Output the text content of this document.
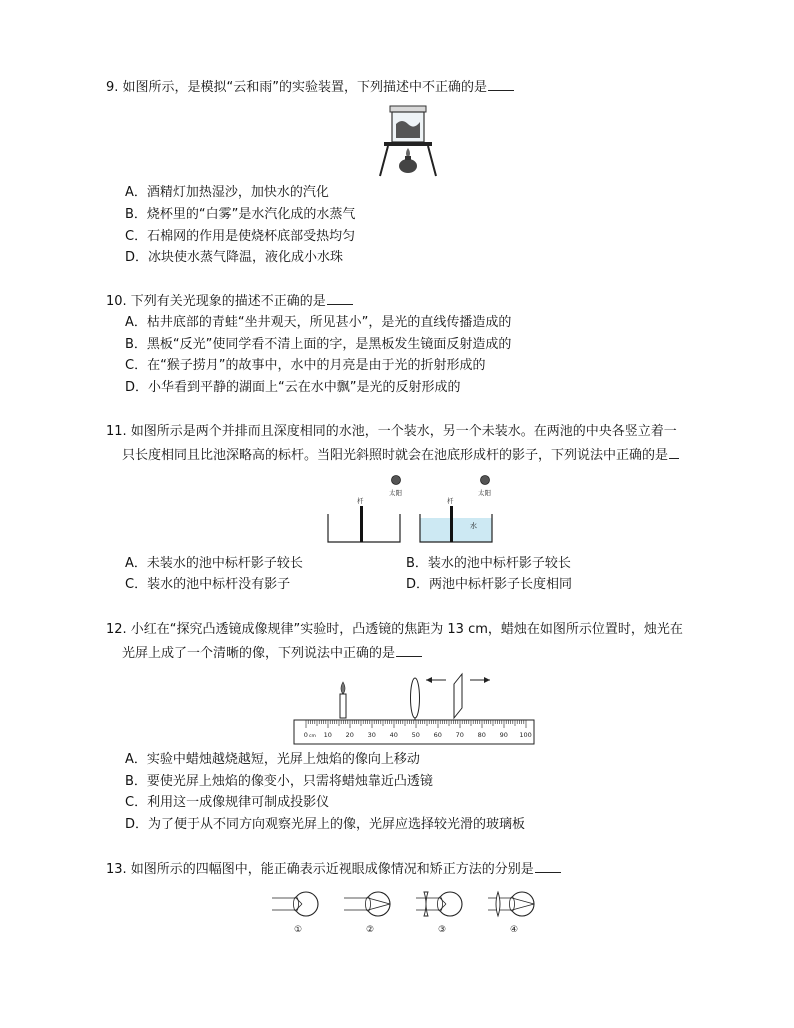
9. 如图所示，是模拟“云和雨”的实验装置，下列描述中不正确的是
A．酒精灯加热湿沙，加快水的汽化
B．烧杯里的“白雾”是水汽化成的水蒸气
C．石棉网的作用是使烧杯底部受热均匀
D．冰块使水蒸气降温，液化成小水珠
10. 下列有关光现象的描述不正确的是
A．枯井底部的青蛙“坐井观天，所见甚小”，是光的直线传播造成的
B．黑板“反光”使同学看不清上面的字，是黑板发生镜面反射造成的
C．在“猴子捞月”的故事中，水中的月亮是由于光的折射形成的
D．小华看到平静的湖面上“云在水中飘”是光的反射形成的
11. 如图所示是两个并排而且深度相同的水池，一个装水，另一个未装水。在两池的中央各竖立着一
只长度相同且比池深略高的标杆。当阳光斜照时就会在池底形成杆的影子，下列说法中正确的是
太阳	太阳
杆	杆
水
A．未装水的池中标杆影子较长	B．装水的池中标杆影子较长
C．装水的池中标杆没有影子	D．两池中标杆影子长度相同
12. 小红在“探究凸透镜成像规律”实验时，凸透镜的焦距为 13 cm，蜡烛在如图所示位置时，烛光在
光屏上成了一个清晰的像，下列说法中正确的是
0 10 20 30 40 50 60 70 80 90 100
cm
A．实验中蜡烛越烧越短，光屏上烛焰的像向上移动
B．要使光屏上烛焰的像变小，只需将蜡烛靠近凸透镜
C．利用这一成像规律可制成投影仪
D．为了便于从不同方向观察光屏上的像，光屏应选择较光滑的玻璃板
13. 如图所示的四幅图中，能正确表示近视眼成像情况和矫正方法的分别是
①	②	③	④
